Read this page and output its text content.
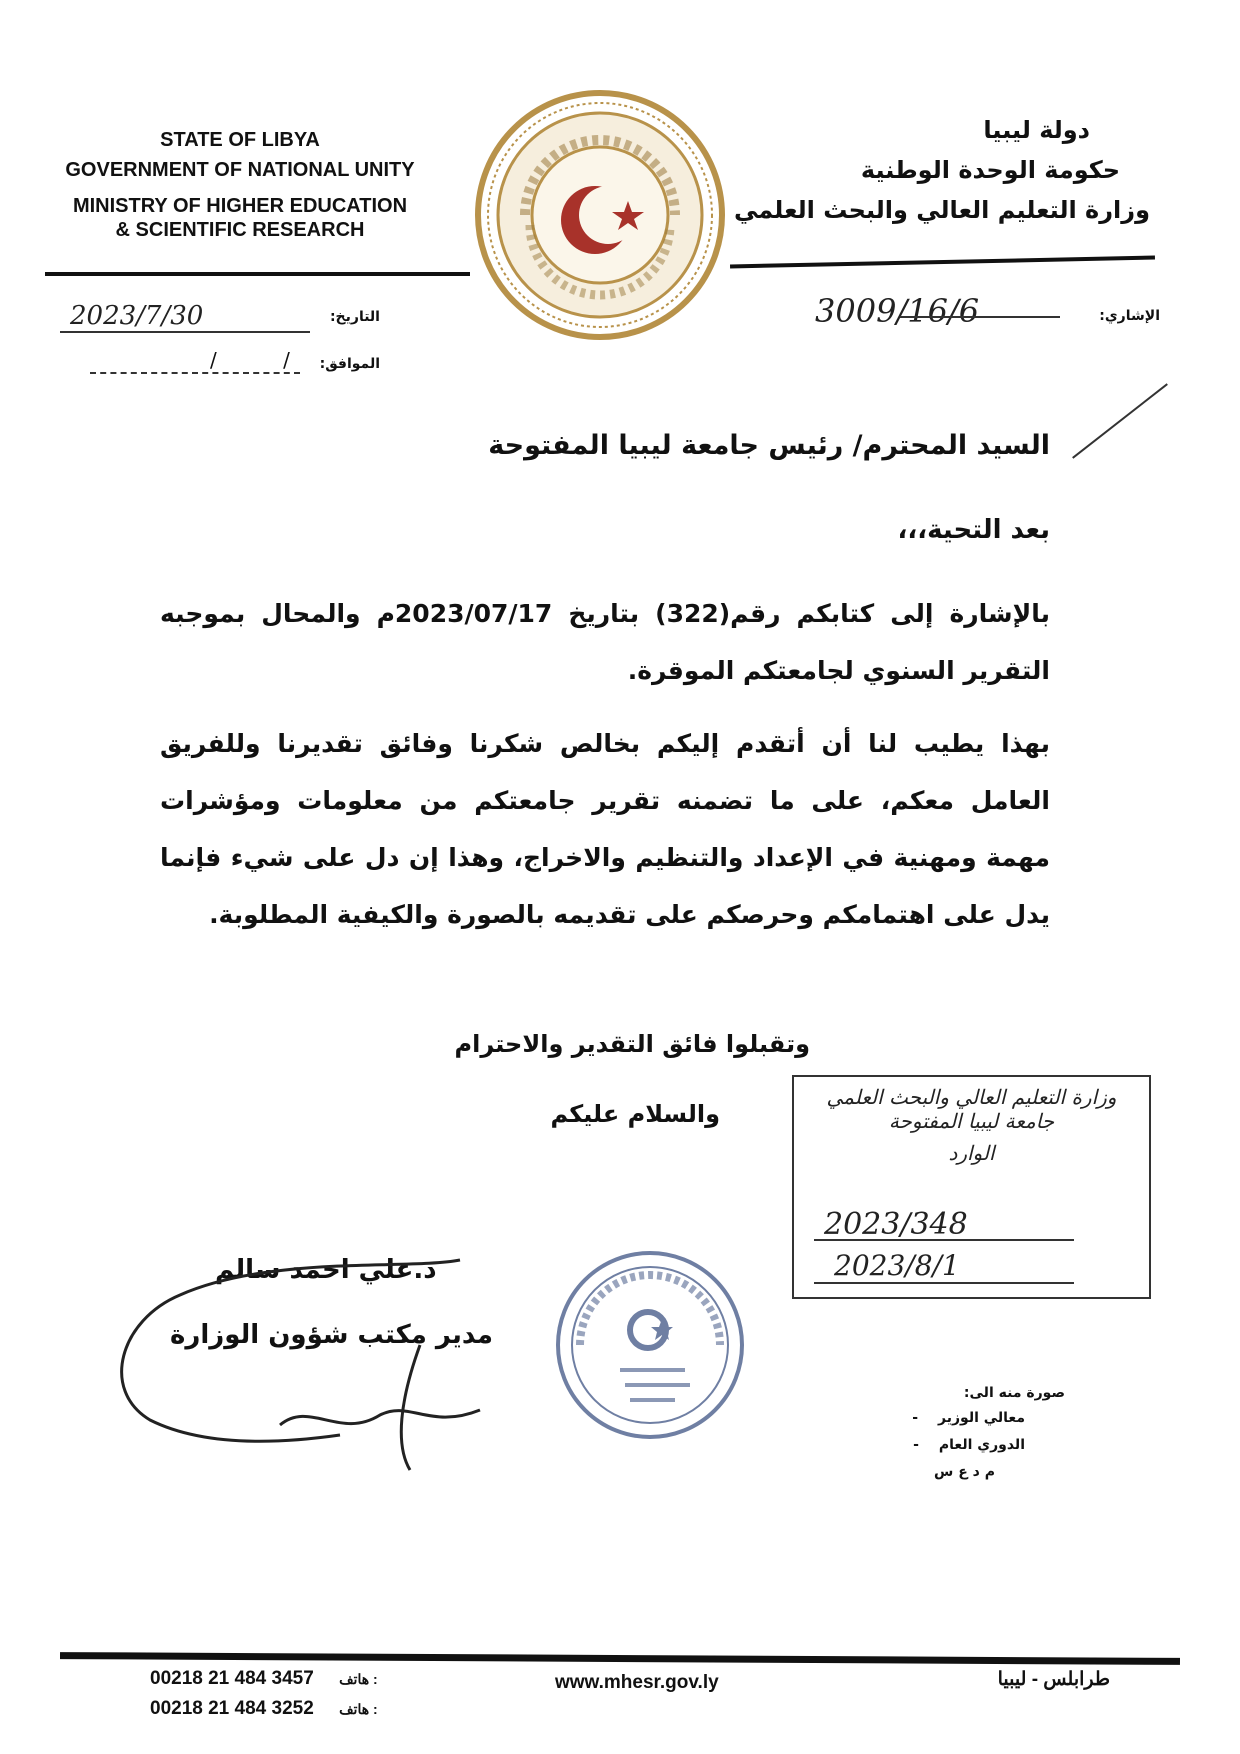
STATE OF LIBYA
GOVERNMENT OF NATIONAL UNITY
MINISTRY OF HIGHER EDUCATION
& SCIENTIFIC RESEARCH
دولة ليبيا
حكومة الوحدة الوطنية
وزارة التعليم العالي والبحث العلمي
التاريخ:
2023/7/30
الموافق:
/ /
الإشاري:
3009/16/6
السيد المحترم/ رئيس جامعة ليبيا المفتوحة
بعد التحية،،،
بالإشارة إلى كتابكم رقم(322) بتاريخ 2023/07/17م والمحال بموجبه التقرير السنوي لجامعتكم الموقرة.
بهذا يطيب لنا أن أتقدم إليكم بخالص شكرنا وفائق تقديرنا وللفريق العامل معكم، على ما تضمنه تقرير جامعتكم من معلومات ومؤشرات مهمة ومهنية في الإعداد والتنظيم والاخراج، وهذا إن دل على شيء فإنما يدل على اهتمامكم وحرصكم على تقديمه بالصورة والكيفية المطلوبة.
وتقبلوا فائق التقدير والاحترام
والسلام عليكم
وزارة التعليم العالي والبحث العلمي
جامعة ليبيا المفتوحة
الوارد
2023/348
2023/8/1
د.علي احمد سالم
مدير مكتب شؤون الوزارة
صورة منه الى:
معالي الوزير-
الدوري العام-
م د ع س
00218 21 484 3457 هاتف :
00218 21 484 3252 هاتف :
www.mhesr.gov.ly	طرابلس - ليبيا
